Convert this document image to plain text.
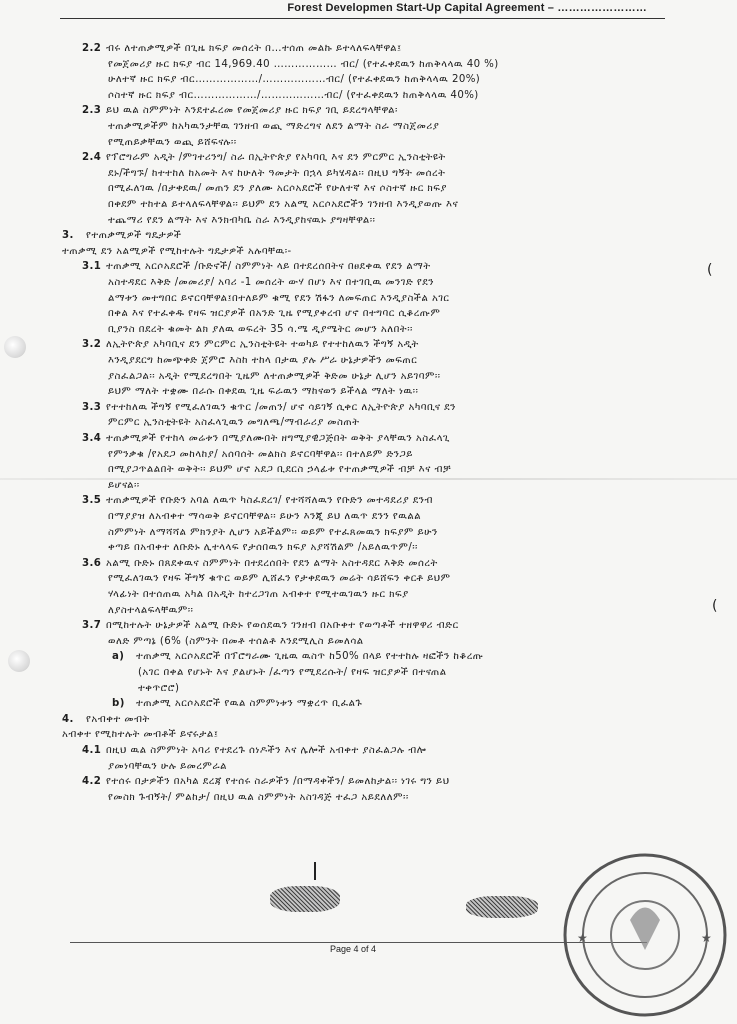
Forest Developmen Start-Up Capital Agreement – ……………………
(
(
2.2 ብሩ ለተጠቃሚዎች በጊዜ ክፍያ መሰረት በ…ተሰጠ መልኩ ይተላለፍላቸዋል፤
የመጀመሪያ ዙር ክፍያ ብር 14,969.40 ……………… ብር/ (የተፈቀደዉን ከጠቅላላዉ 40 %)
ሁለተኛ ዙር ክፍያ ብር………………/………………ብር/ (የተፈቀደዉን ከጠቅላላዉ 20%)
ሶስተኛ ዙር ክፍያ ብር………………/………………ብር/ (የተፈቀደዉን ከጠቅላላዉ 40%)
2.3 ይህ ዉል ስምምነት እንደተፈረመ የመጀመሪያ ዙር ክፍያ ገቢ ይደረግላቸዋል፡
ተጠቃሚዎችም ከአካዉንታቸዉ ገንዘብ ወጪ ማድረግና ለደን ልማት ስራ ማስጀመሪያ
የሚጠይቃቸዉን ወጪ ይሸፍናሉ፡፡
2.4 የፕሮግራም አዲት /ምገተሪንግ/ ስራ በኢትዮጵያ የአካባቢ እና ደን ምርምር ኢንስቲትዩት
ደኑ/ችግኙ/ ከተተከለ ከአመት እና ከሁለት ዓመታት በኋላ ይካሄዳል፡፡ በዚህ ግኝት መሰረት
በሚፈለገዉ /በታቀደዉ/ መጠን ደን ያለሙ አርሶአደሮች የሁለተኛ እና ሶስተኛ ዙር ክፍያ
በቀደም ተከተል ይተላለፍላቸዋል፡፡ ይህም ደን አልሚ አርሶአደሮችን ገንዘብ እንዲያወጡ እና
ተጨማሪ የደን ልማት እና እንክብካቤ ስራ እንዲያከናዉኑ ያግዛቸዋል፡፡
3. የተጠቃሚዎች ግዴታዎች
ተጠቃሚ ደን አልሚዎች የሚከተሉት ግዴታዎች አሉባቸዉ፡-
3.1 ተጠቃሚ አርሶአደሮች /ቡድኖች/ ስምምነት ላይ በተደረሰበትና በፀደቀዉ የደን ልማት
አስተዳደር እቅድ /መመሪያ/ አባሪ -1 መሰረት ውሃ በሆነ እና በተገቢዉ መንገድ የደን
ልማቱን መተግበር ይኖርባቸዋል፤በተለይም ቁሚ የደን ሽፋን ለመፍጠር እንዲያስችል አገር
በቀል እና የተፈቀዱ የዛፍ ዝርያዎች በአንድ ጊዜ የሚያቀረብ ሆኖ በተግባር ሲቆረጡም
ቢያንስ በደረት ቁመት ልክ ያለዉ ወፍረት 35 ሳ.ሜ ዲያሜትር መሆን አለበት፡፡
3.2 ለኢትዮጵያ አካባቢና ደን ምርምር ኢንስቲትዩት ተወካይ የተተከለዉን ችግኝ አዲት
እንዲያደርግ ከመጭቀድ ጀምሮ እስከ ተከላ በታዉ ያሉ ሥራ ሁኔታዎችን መፍጠር
ያስፈልጋል፡፡ አዲት የሚደረግበት ጊዜም ለተጠቃሚዎች ቅድመ ሁኔታ ሊሆን አይገባም፡፡
ይህም ማለት ተቋሙ በራሱ በቀደዉ ጊዜ ፍራዉን ማከናወን ይችላል ማለት ነዉ፡፡
3.3 የተተከለዉ ችግኝ የሚፈለገዉን ቁጥር /መጠን/ ሆኖ ሳይገኝ ሲቀር ለኢትዮጵያ አካባቢና ደን
ምርምር ኢንስቲትዩት አስፈላጊዉን መግለጫ/ማብራሪያ መስጠት
3.4 ተጠቃሚዎች የተከላ መሬቱን በሚያለሙበት ዘግሚያዊጋጅበት ወቅት ያላቸዉን አስፈላጊ
የምንቃቁ /የአደጋ መከላከያ/ አሰባሰት መልክስ ይኖርባቸዋል፡፡ በተለይም ድንጋይ
በሚያጋጥልልበት ወቅት፡፡ ይህም ሆኖ አደጋ ቢደርስ ኃላፊቱ የተጠቃሚዎች ብቻ እና ብቻ
ይሆናል፡፡
3.5 ተጠቃሚዎች የቡድን አባል ለዉጥ ካስፈደረገ/ የተሻሻለዉን የቡድን መተዳደሪያ ደንብ
በማያያዝ ለአብቀተ ማሳወቅ ይኖርባቸዋል፡፡ ይሁን እንጂ ይህ ለዉጥ ደንን የዉልል
ስምምነት ለማሻሻል ምክንያት ሊሆን አይችልም፡፡ ወይም የተፈጸመዉን ክፍያም ይሁን
ቀጣይ በአብቀተ ለቡድኑ ሊተላላፍ የታሰበዉን ክፍያ አያሻሽልም /አይለዉጥም/፡፡
3.6 አልሚ ቡድኑ በጸደቀዉና ስምምነት በተደረሰበት የደን ልማት አስተዳደር እቅድ መሰረት
የሚፈለገዉን የዛፍ ችግኝ ቁጥር ወይም ሊሸፈን የታቀደዉን መሬት ሳይሸፍን ቀርቶ ይህም
ሃላፊነት በተሰጠዉ አካል በአዲት ከተረጋገጠ አብቀተ የሚተዉገዉን ዙር ክፍያ
ለያስተላልፍላቸዉም፡፡
3.7 በሚከተሉት ሁኔታዎች አልሚ ቡድኑ የወሰደዉን ገንዘብ በአቡቀተ የወጣቶች ተዘዋዋሪ ብድር
ወለድ ምጣኔ (6% (ስምንት በመቶ ተሰልቶ እንደሚሊስ ይመለሳል
a) ተጠቃሚ አርሶአደሮች በፕሮግራሙ ጊዜዉ ዉስጥ ከ50% በላይ የተተከሉ ዛፎችን ከቆረጡ
(አገር በቀል የሆኑት እና ያልሆኑት /ፈጣን የሚደረሱት/ የዛፍ ዝርያዎች በተናጠል
ተቀጥሮሮ)
b) ተጠቃሚ አርሶአደሮች የዉል ስምምነቱን ማቋረጥ ቢፈልጉ
4. የአብቀተ መብት
አብቀተ የሚከተሉት መብቶች ይኖሩታል፤
4.1 በዚህ ዉል ስምምነት አባሪ የተደረጉ ሰነዶችን እና ሌሎች አብቀተ ያስፈልጋሉ ብሎ
ያመነባቸዉን ሁሉ ይመረምራል
4.2 የተሰሩ በታዎችን በአካል ደረጃ የተሰሩ ስራዎችን /በማዳቀችን/ ይመለከታል፡፡ ነገሩ ግን ይህ
የመስክ ጉብኝት/ ምልከታ/ በዚህ ዉል ስምምነት አስገዳጅ ተፈጋ አይደለለም፡፡
Page 4 of 4
★	★
